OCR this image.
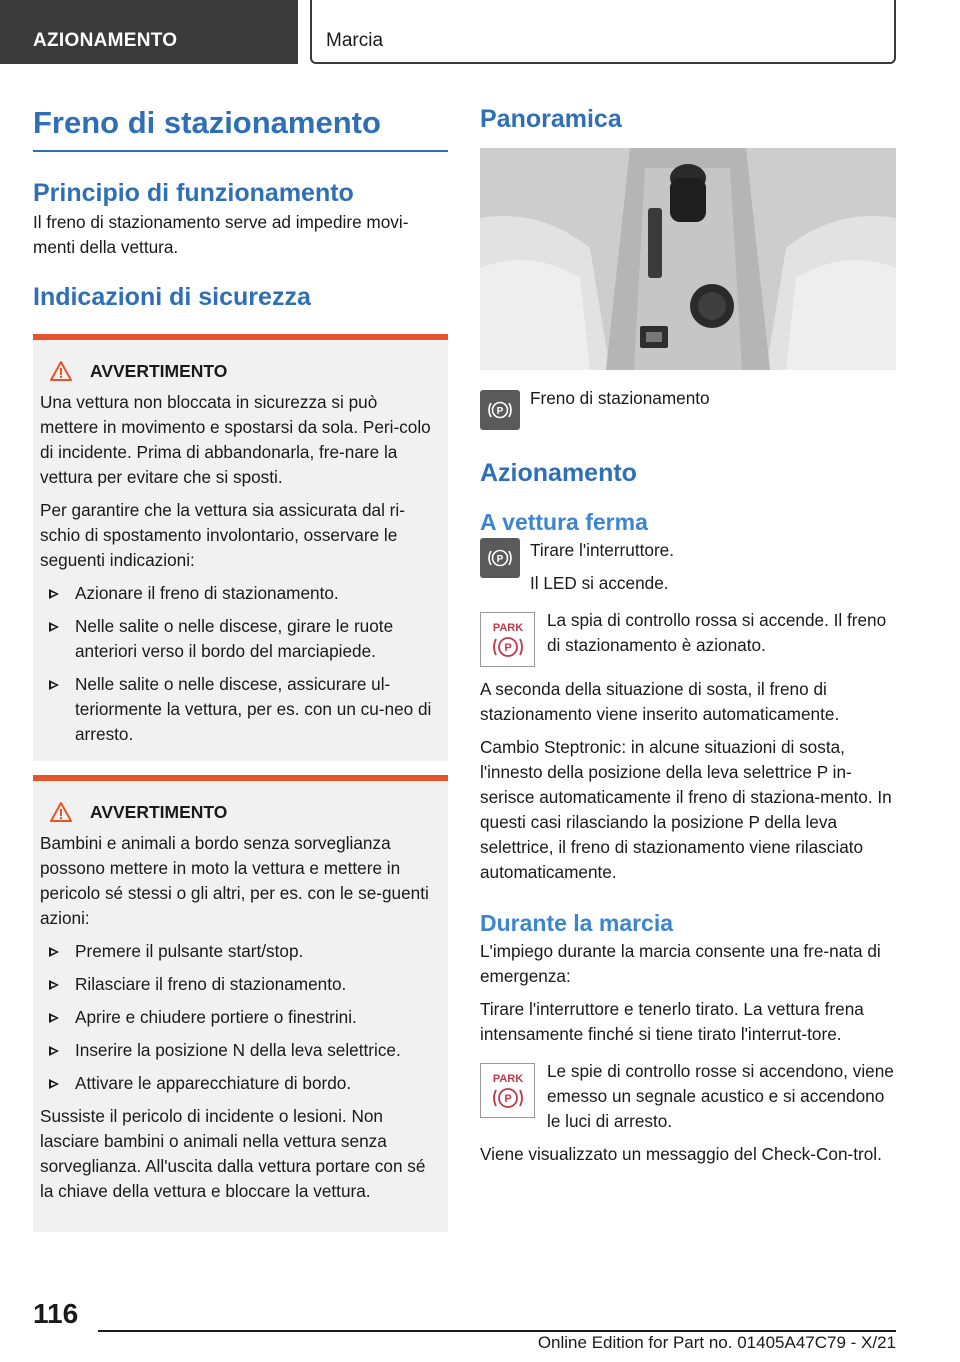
AZIONAMENTO	Marcia
Freno di stazionamento
Principio di funzionamento
Il freno di stazionamento serve ad impedire movi-menti della vettura.
Indicazioni di sicurezza
AVVERTIMENTO
Una vettura non bloccata in sicurezza si può mettere in movimento e spostarsi da sola. Peri-colo di incidente. Prima di abbandonarla, fre-nare la vettura per evitare che si sposti.
Per garantire che la vettura sia assicurata dal ri-schio di spostamento involontario, osservare le seguenti indicazioni:
Azionare il freno di stazionamento.
Nelle salite o nelle discese, girare le ruote anteriori verso il bordo del marciapiede.
Nelle salite o nelle discese, assicurare ul-teriormente la vettura, per es. con un cu-neo di arresto.
AVVERTIMENTO
Bambini e animali a bordo senza sorveglianza possono mettere in moto la vettura e mettere in pericolo sé stessi o gli altri, per es. con le se-guenti azioni:
Premere il pulsante start/stop.
Rilasciare il freno di stazionamento.
Aprire e chiudere portiere o finestrini.
Inserire la posizione N della leva selettrice.
Attivare le apparecchiature di bordo.
Sussiste il pericolo di incidente o lesioni. Non lasciare bambini o animali nella vettura senza sorveglianza. All'uscita dalla vettura portare con sé la chiave della vettura e bloccare la vettura.
Panoramica
P
Freno di stazionamento
Azionamento
A vettura ferma
P Tirare l'interruttore.
Il LED si accende.
PARK
P
La spia di controllo rossa si accende. Il freno di stazionamento è azionato.
A seconda della situazione di sosta, il freno di stazionamento viene inserito automaticamente.
Cambio Steptronic: in alcune situazioni di sosta, l'innesto della posizione della leva selettrice P in-serisce automaticamente il freno di staziona-mento. In questi casi rilasciando la posizione P della leva selettrice, il freno di stazionamento viene rilasciato automaticamente.
Durante la marcia
L'impiego durante la marcia consente una fre-nata di emergenza:
Tirare l'interruttore e tenerlo tirato. La vettura frena intensamente finché si tiene tirato l'interrut-tore.
PARK
P
Le spie di controllo rosse si accendono, viene emesso un segnale acustico e si accendono le luci di arresto.
Viene visualizzato un messaggio del Check-Con-trol.
116
Online Edition for Part no. 01405A47C79 - X/21
